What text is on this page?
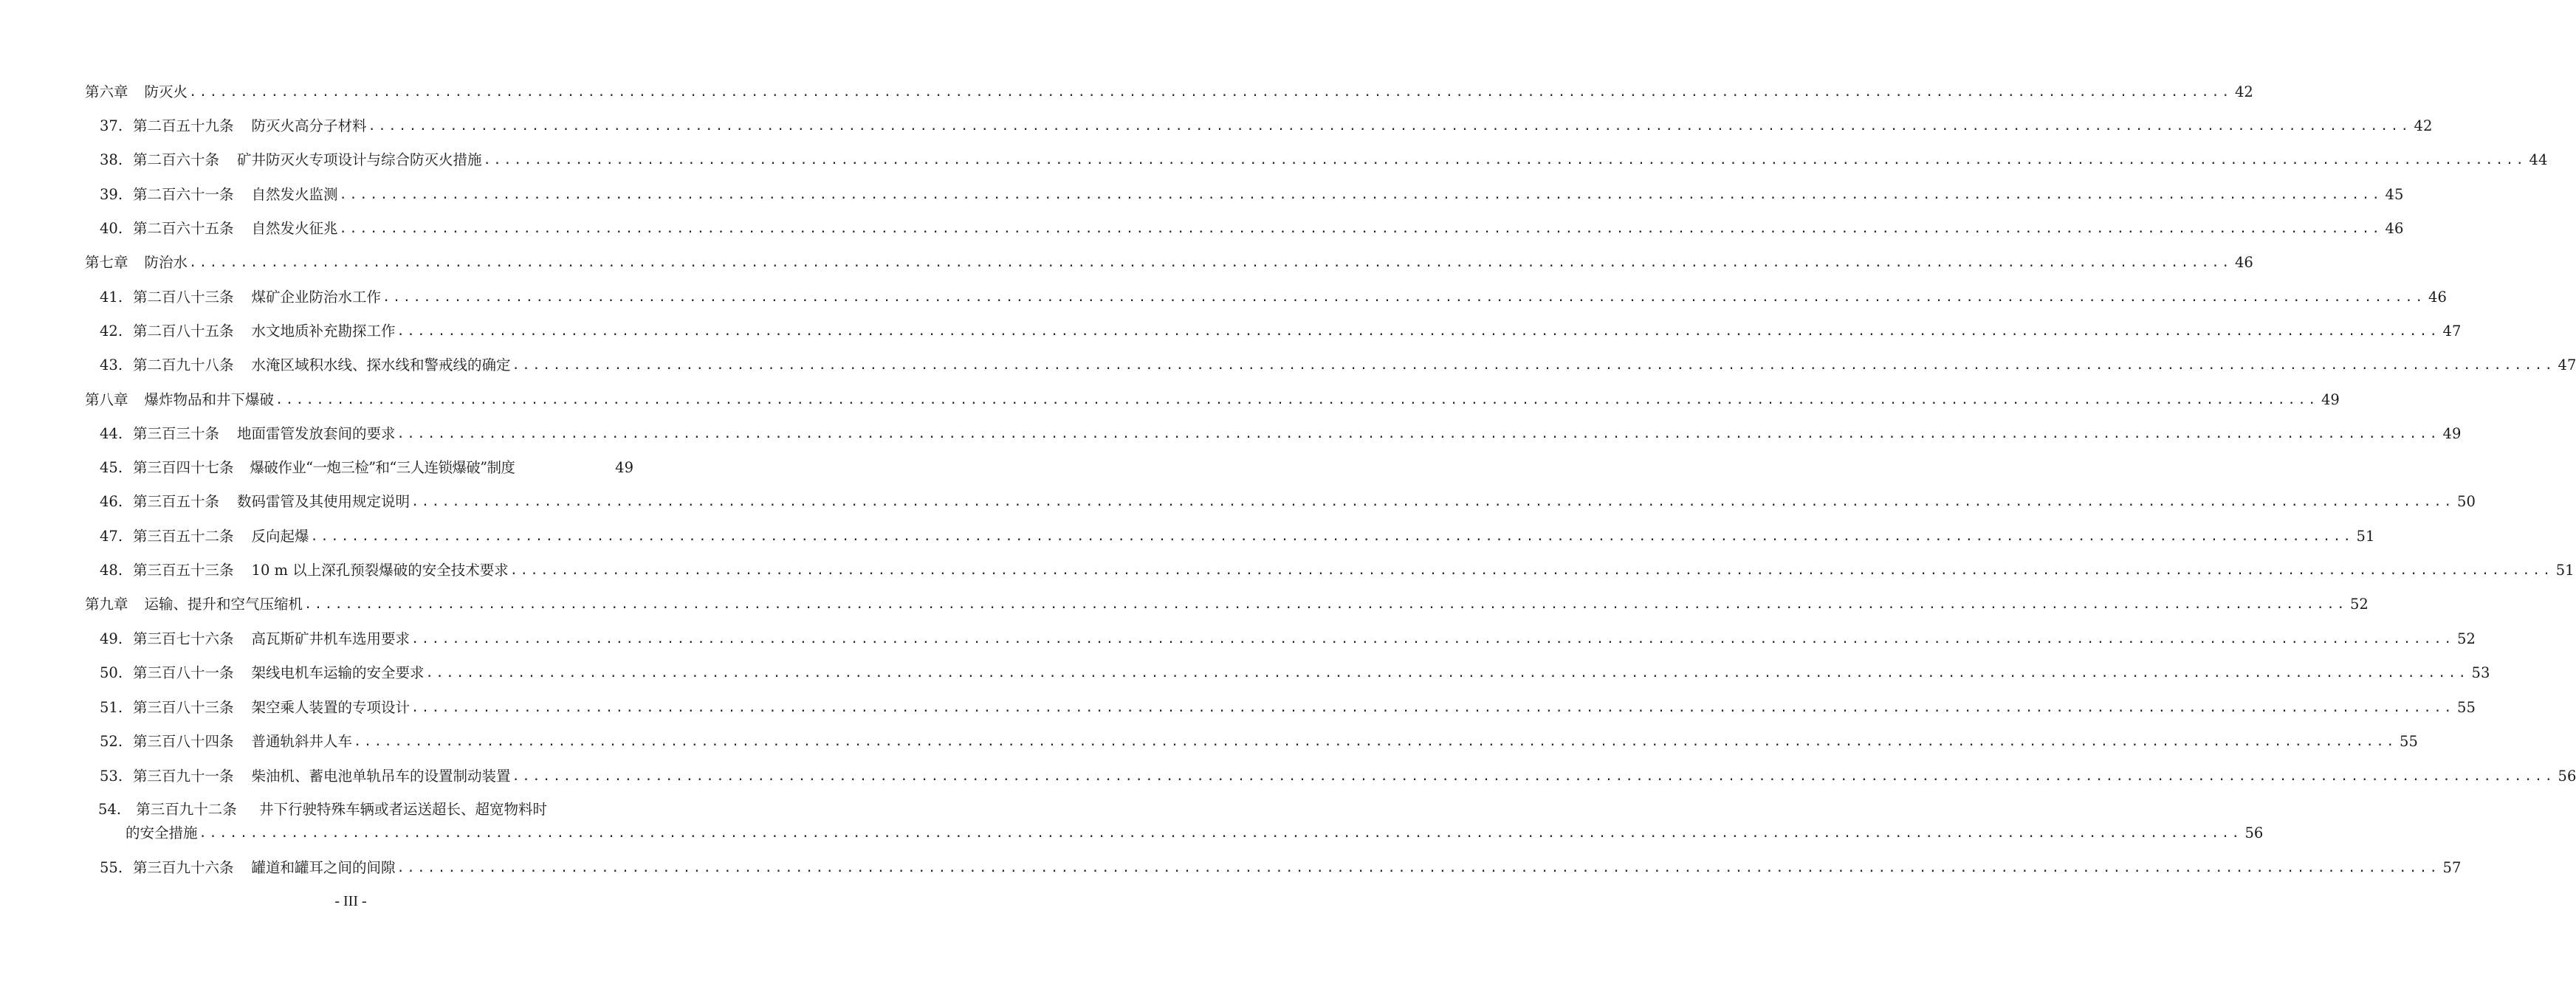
第六章 防灭火 ........................................................................................................................................................................................................ 42
37. 第二百五十九条 防灭火高分子材料 ........................................................................................................................................................................................................ 42
38. 第二百六十条 矿井防灭火专项设计与综合防灭火措施 ........................................................................................................................................................................................................ 44
39. 第二百六十一条 自然发火监测 ........................................................................................................................................................................................................ 45
40. 第二百六十五条 自然发火征兆 ........................................................................................................................................................................................................ 46
第七章 防治水 ........................................................................................................................................................................................................ 46
41. 第二百八十三条 煤矿企业防治水工作 ........................................................................................................................................................................................................ 46
42. 第二百八十五条 水文地质补充勘探工作 ........................................................................................................................................................................................................ 47
43. 第二百九十八条 水淹区域积水线、探水线和警戒线的确定 ........................................................................................................................................................................................................ 47
第八章 爆炸物品和井下爆破 ........................................................................................................................................................................................................ 49
44. 第三百三十条 地面雷管发放套间的要求 ........................................................................................................................................................................................................ 49
45. 第三百四十七条 爆破作业“一炮三检”和“三人连锁爆破”制度	49
46. 第三百五十条 数码雷管及其使用规定说明 ........................................................................................................................................................................................................ 50
47. 第三百五十二条 反向起爆 ........................................................................................................................................................................................................ 51
48. 第三百五十三条 10 m 以上深孔预裂爆破的安全技术要求 ........................................................................................................................................................................................................ 51
第九章 运输、提升和空气压缩机 ........................................................................................................................................................................................................ 52
49. 第三百七十六条 高瓦斯矿井机车选用要求 ........................................................................................................................................................................................................ 52
50. 第三百八十一条 架线电机车运输的安全要求 ........................................................................................................................................................................................................ 53
51. 第三百八十三条 架空乘人装置的专项设计 ........................................................................................................................................................................................................ 55
52. 第三百八十四条 普通轨斜井人车 ........................................................................................................................................................................................................ 55
53. 第三百九十一条 柴油机、蓄电池单轨吊车的设置制动装置 ........................................................................................................................................................................................................ 56
54. 第三百九十二条 井下行驶特殊车辆或者运送超长、超宽物料时
的安全措施 ........................................................................................................................................................................................................ 56
55. 第三百九十六条 罐道和罐耳之间的间隙 ........................................................................................................................................................................................................ 57
- III -
